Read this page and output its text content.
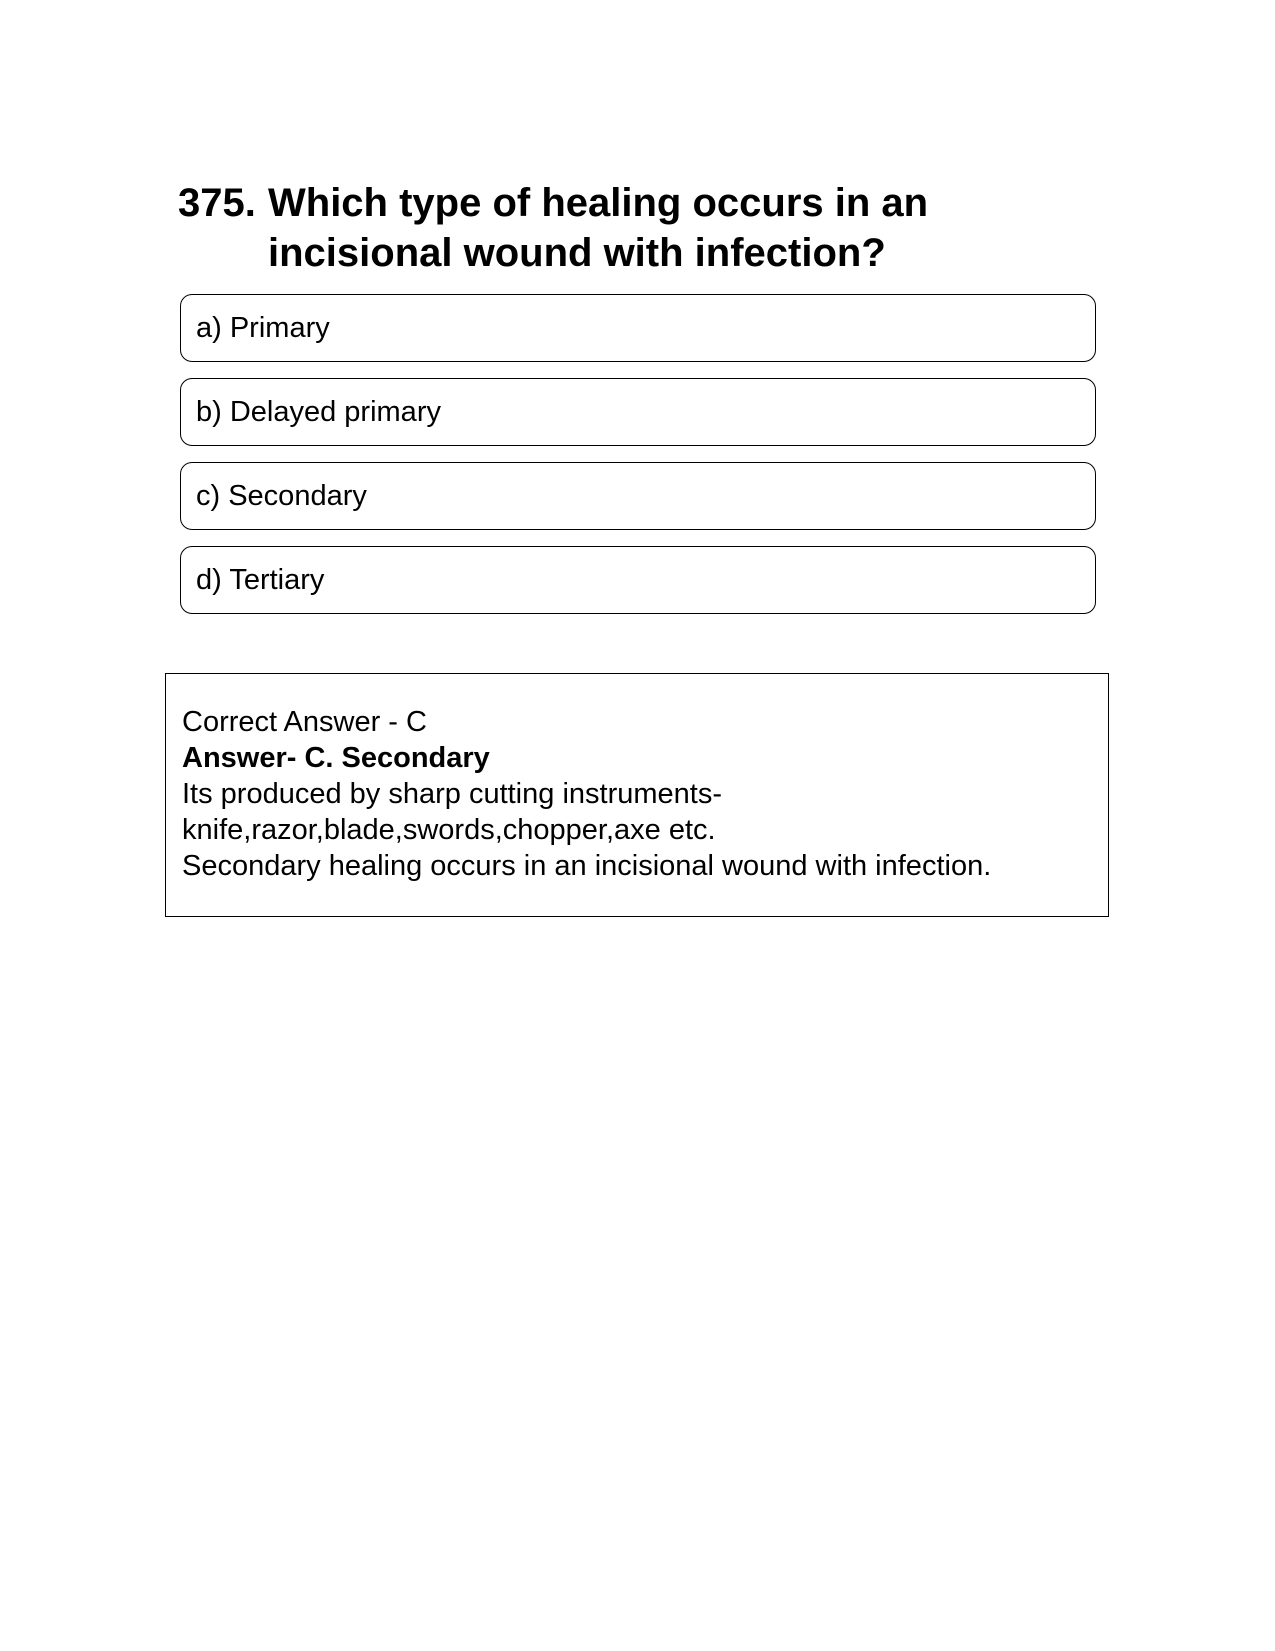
375. Which type of healing occurs in an incisional wound with infection?
a) Primary
b) Delayed primary
c) Secondary
d) Tertiary
Correct Answer - C
Answer- C. Secondary
Its produced by sharp cutting instruments-
knife,razor,blade,swords,chopper,axe etc.
Secondary healing occurs in an incisional wound with infection.
